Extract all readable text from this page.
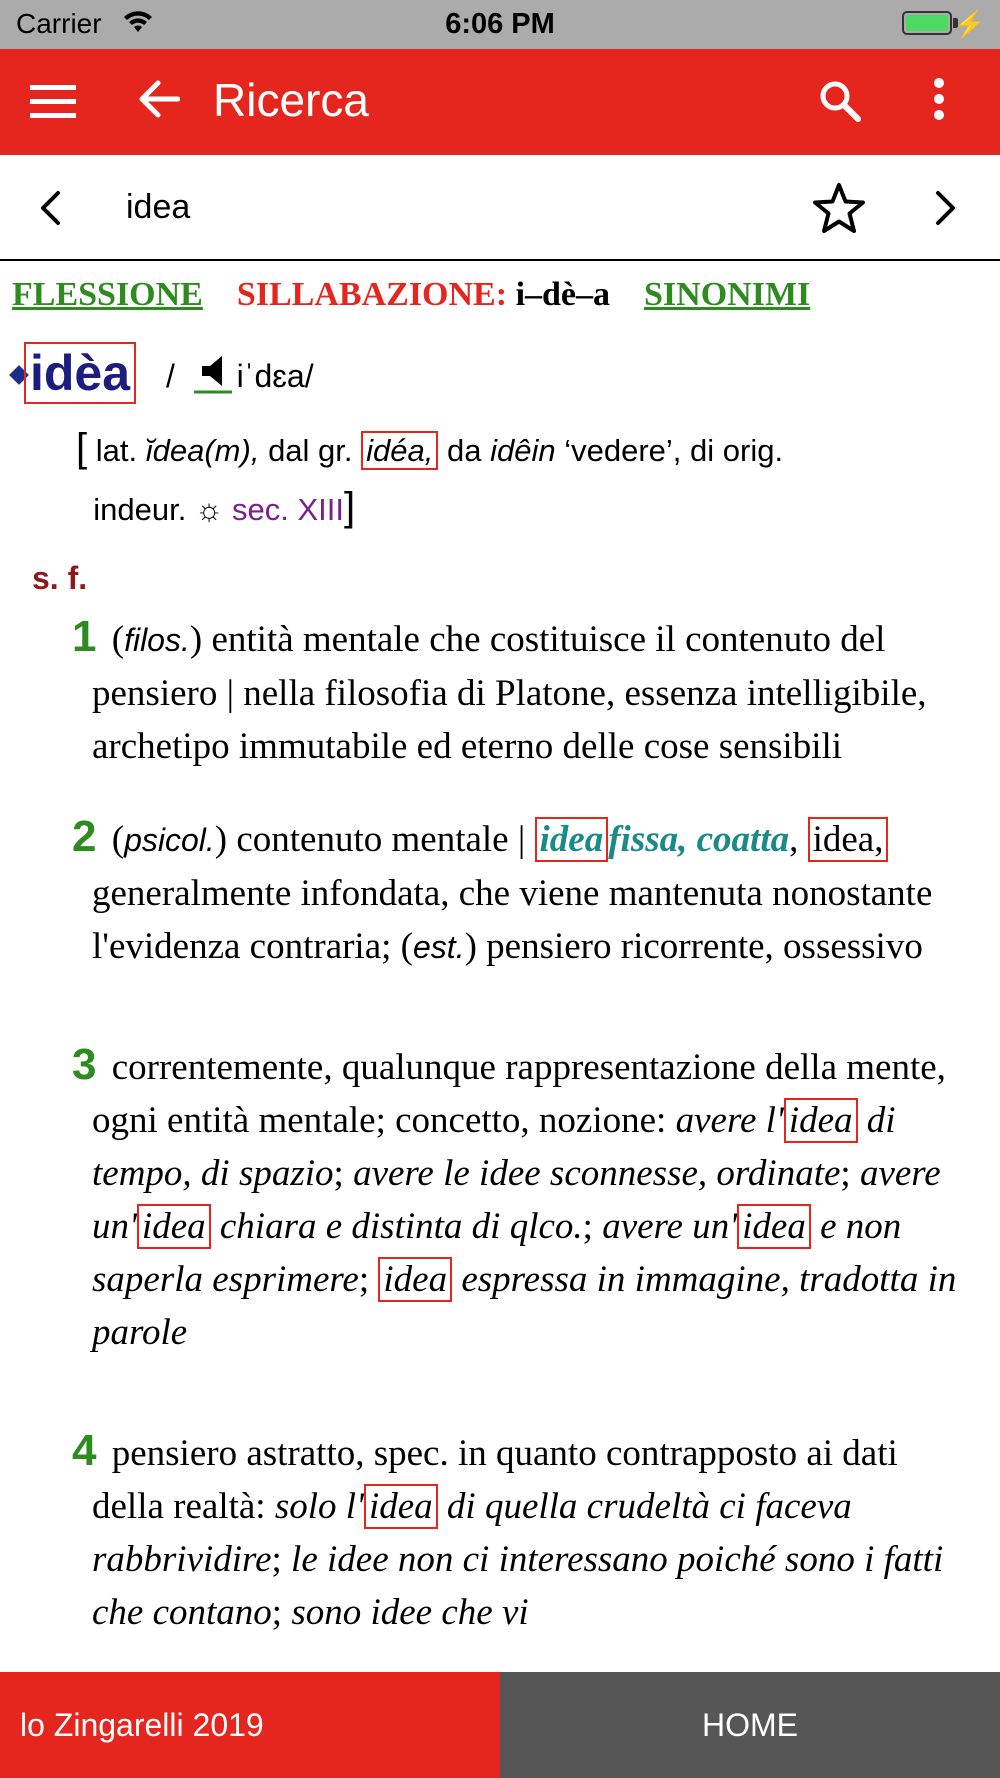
Carrier	6:06 PM	⚡
Ricerca
idea
FLESSIONE SILLABAZIONE: i–dè–a SINONIMI
idèa / iˈdɛa/
[ lat. ĭdea(m), dal gr. idéa, da idêin ‘vedere’, di orig.
indeur. ☼ sec. XIII]
s. f.
1 (filos.) entità mentale che costituisce il contenuto del pensiero | nella filosofia di Platone, essenza intelligibile, archetipo immutabile ed eterno delle cose sensibili
2 (psicol.) contenuto mentale | idea fissa, coatta, idea, generalmente infondata, che viene mantenuta nonostante l'evidenza contraria; (est.) pensiero ricorrente, ossessivo
3 correntemente, qualunque rappresentazione della mente, ogni entità mentale; concetto, nozione: avere l' idea di tempo, di spazio; avere le idee sconnesse, ordinate; avere un' idea chiara e distinta di qlco.; avere un' idea e non saperla esprimere; idea espressa in immagine, tradotta in parole
4 pensiero astratto, spec. in quanto contrapposto ai dati della realtà: solo l' idea di quella crudeltà ci faceva rabbrividire; le idee non ci interessano poiché sono i fatti che contano; sono idee che vi
lo Zingarelli 2019	HOME
